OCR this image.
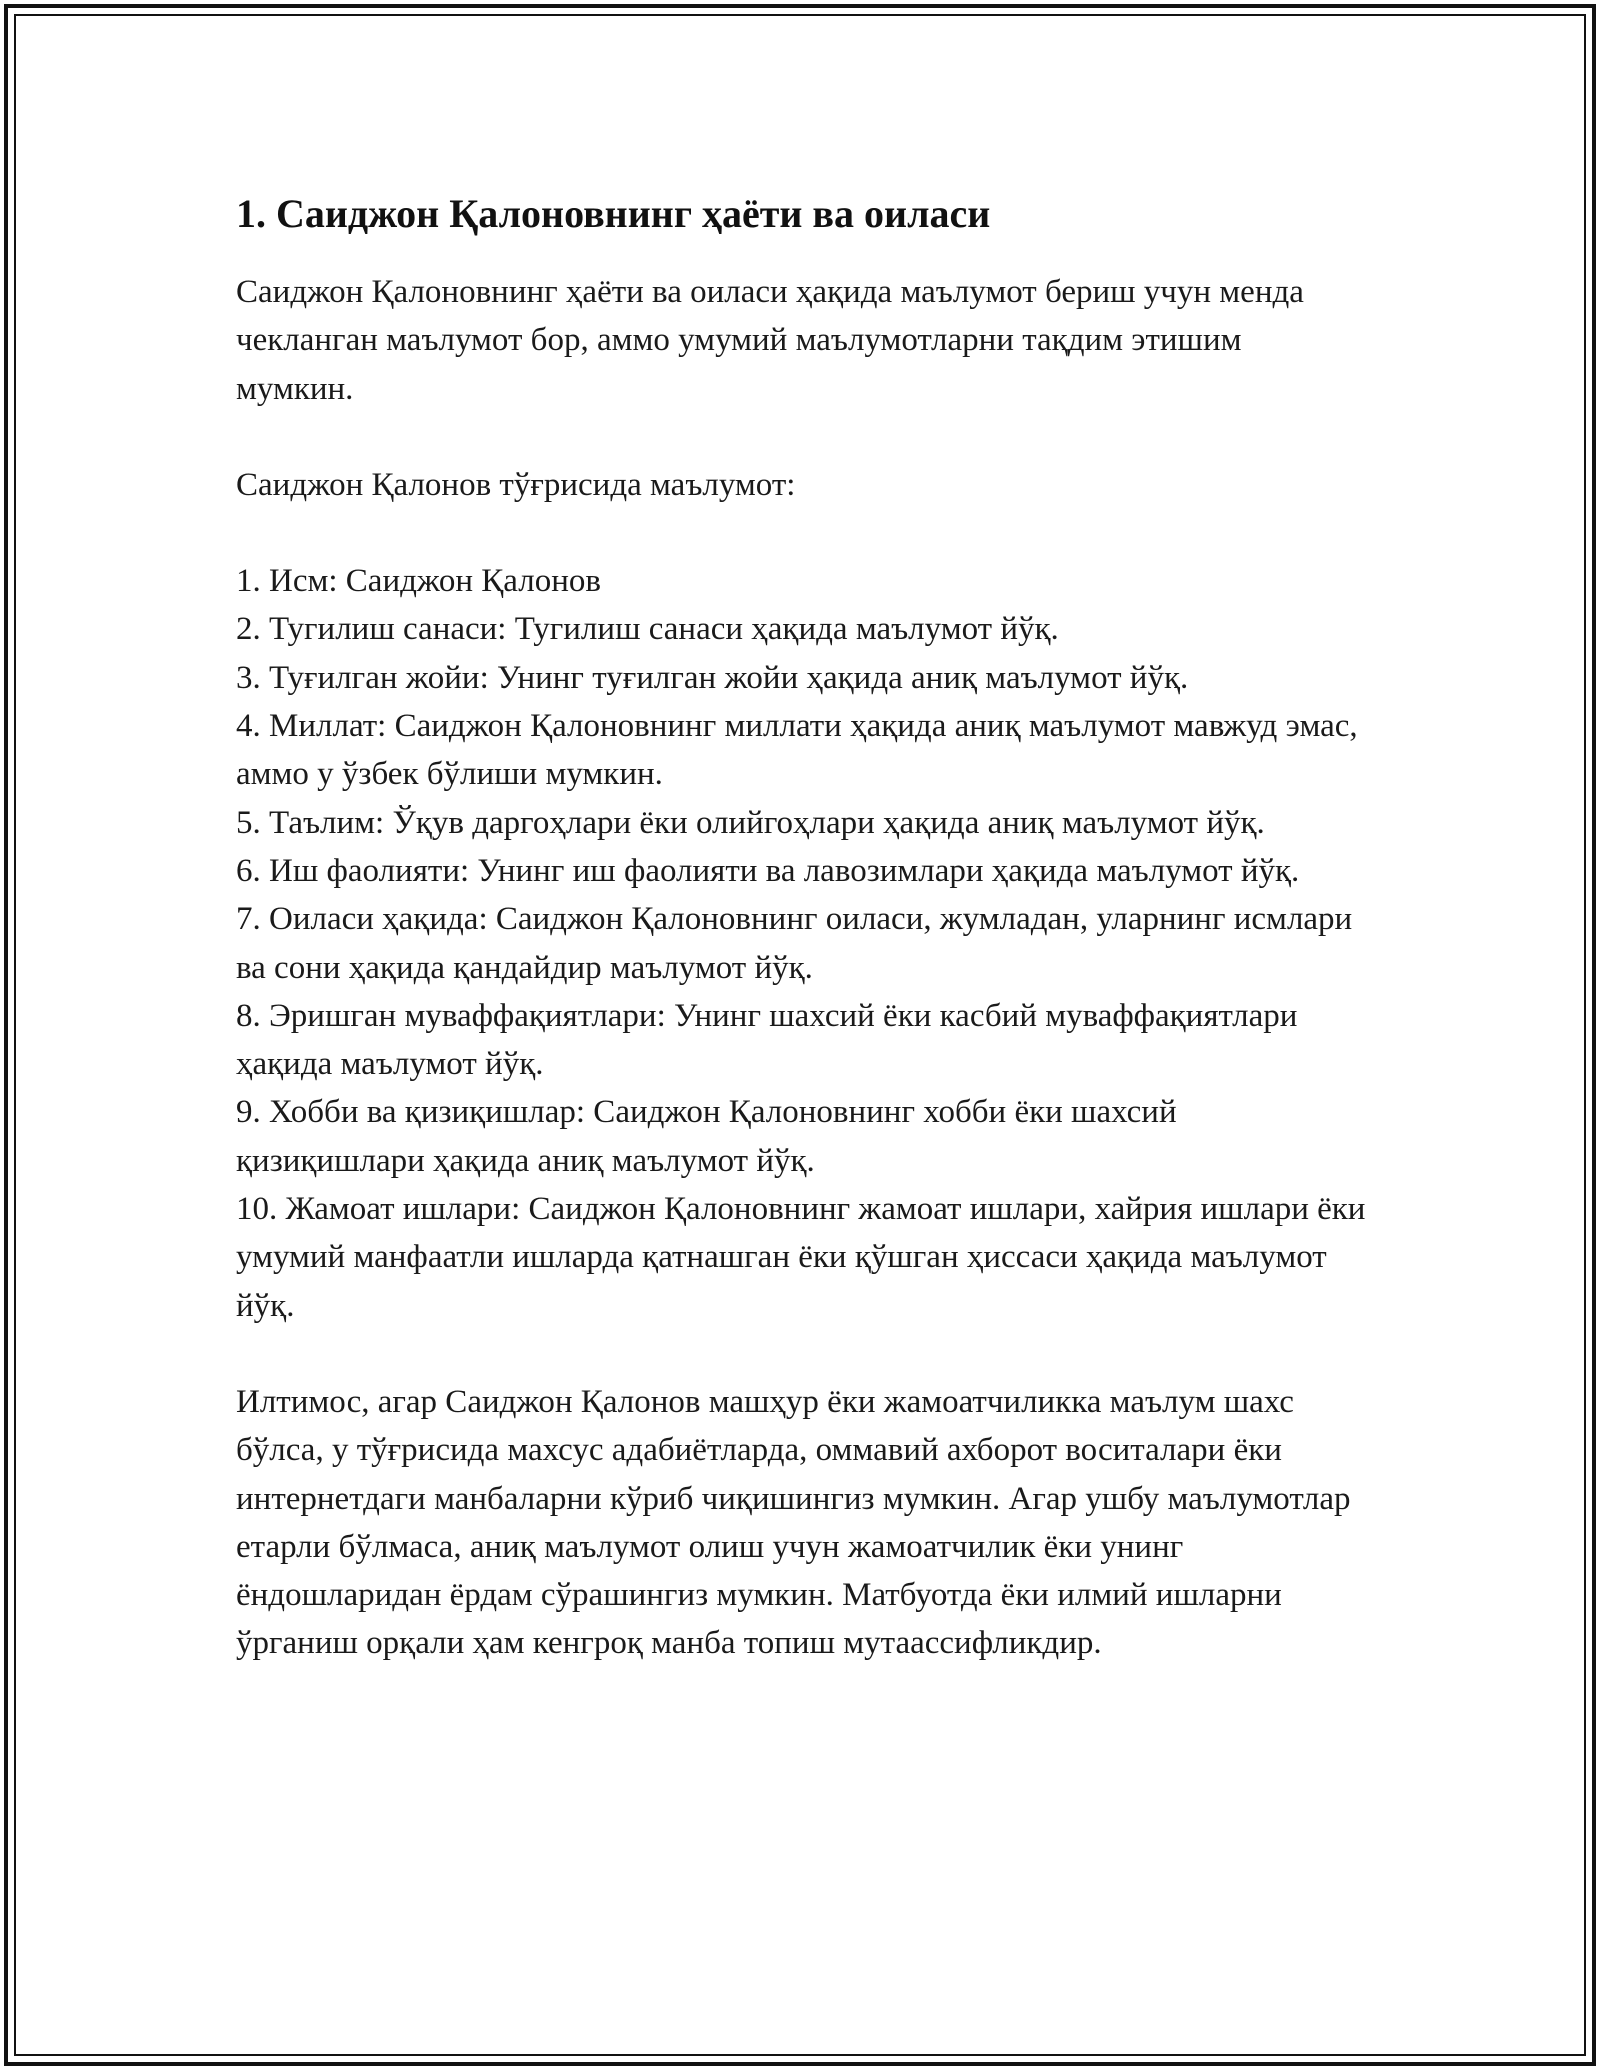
1. Саиджон Қалоновнинг ҳаёти ва оиласи

Саиджон Қалоновнинг ҳаёти ва оиласи ҳақида маълумот бериш учун менда чекланган маълумот бор, аммо умумий маълумотларни тақдим этишим мумкин.

Саиджон Қалонов тўғрисида маълумот:

1. Исм: Саиджон Қалонов
2. Тугилиш санаси: Тугилиш санаси ҳақида маълумот йўқ.
3. Туғилган жойи: Унинг туғилган жойи ҳақида аниқ маълумот йўқ.
4. Миллат: Саиджон Қалоновнинг миллати ҳақида аниқ маълумот мавжуд эмас, аммо у ўзбек бўлиши мумкин.
5. Таълим: Ўқув даргоҳлари ёки олийгоҳлари ҳақида аниқ маълумот йўқ.
6. Иш фаолияти: Унинг иш фаолияти ва лавозимлари ҳақида маълумот йўқ.
7. Оиласи ҳақида: Саиджон Қалоновнинг оиласи, жумладан, уларнинг исмлари ва сони ҳақида қандайдир маълумот йўқ.
8. Эришган муваффақиятлари: Унинг шахсий ёки касбий муваффақиятлари ҳақида маълумот йўқ.
9. Хобби ва қизиқишлар: Саиджон Қалоновнинг хобби ёки шахсий қизиқишлари ҳақида аниқ маълумот йўқ.
10. Жамоат ишлари: Саиджон Қалоновнинг жамоат ишлари, хайрия ишлари ёки умумий манфаатли ишларда қатнашган ёки қўшган ҳиссаси ҳақида маълумот йўқ.

Илтимос, агар Саиджон Қалонов машҳур ёки жамоатчиликка маълум шахс бўлса, у тўғрисида махсус адабиётларда, оммавий ахборот воситалари ёки интернетдаги манбаларни кўриб чиқишингиз мумкин. Агар ушбу маълумотлар етарли бўлмаса, аниқ маълумот олиш учун жамоатчилик ёки унинг ёндошларидан ёрдам сўрашингиз мумкин. Матбуотда ёки илмий ишларни ўрганиш орқали ҳам кенгроқ манба топиш мутаассифликдир.
